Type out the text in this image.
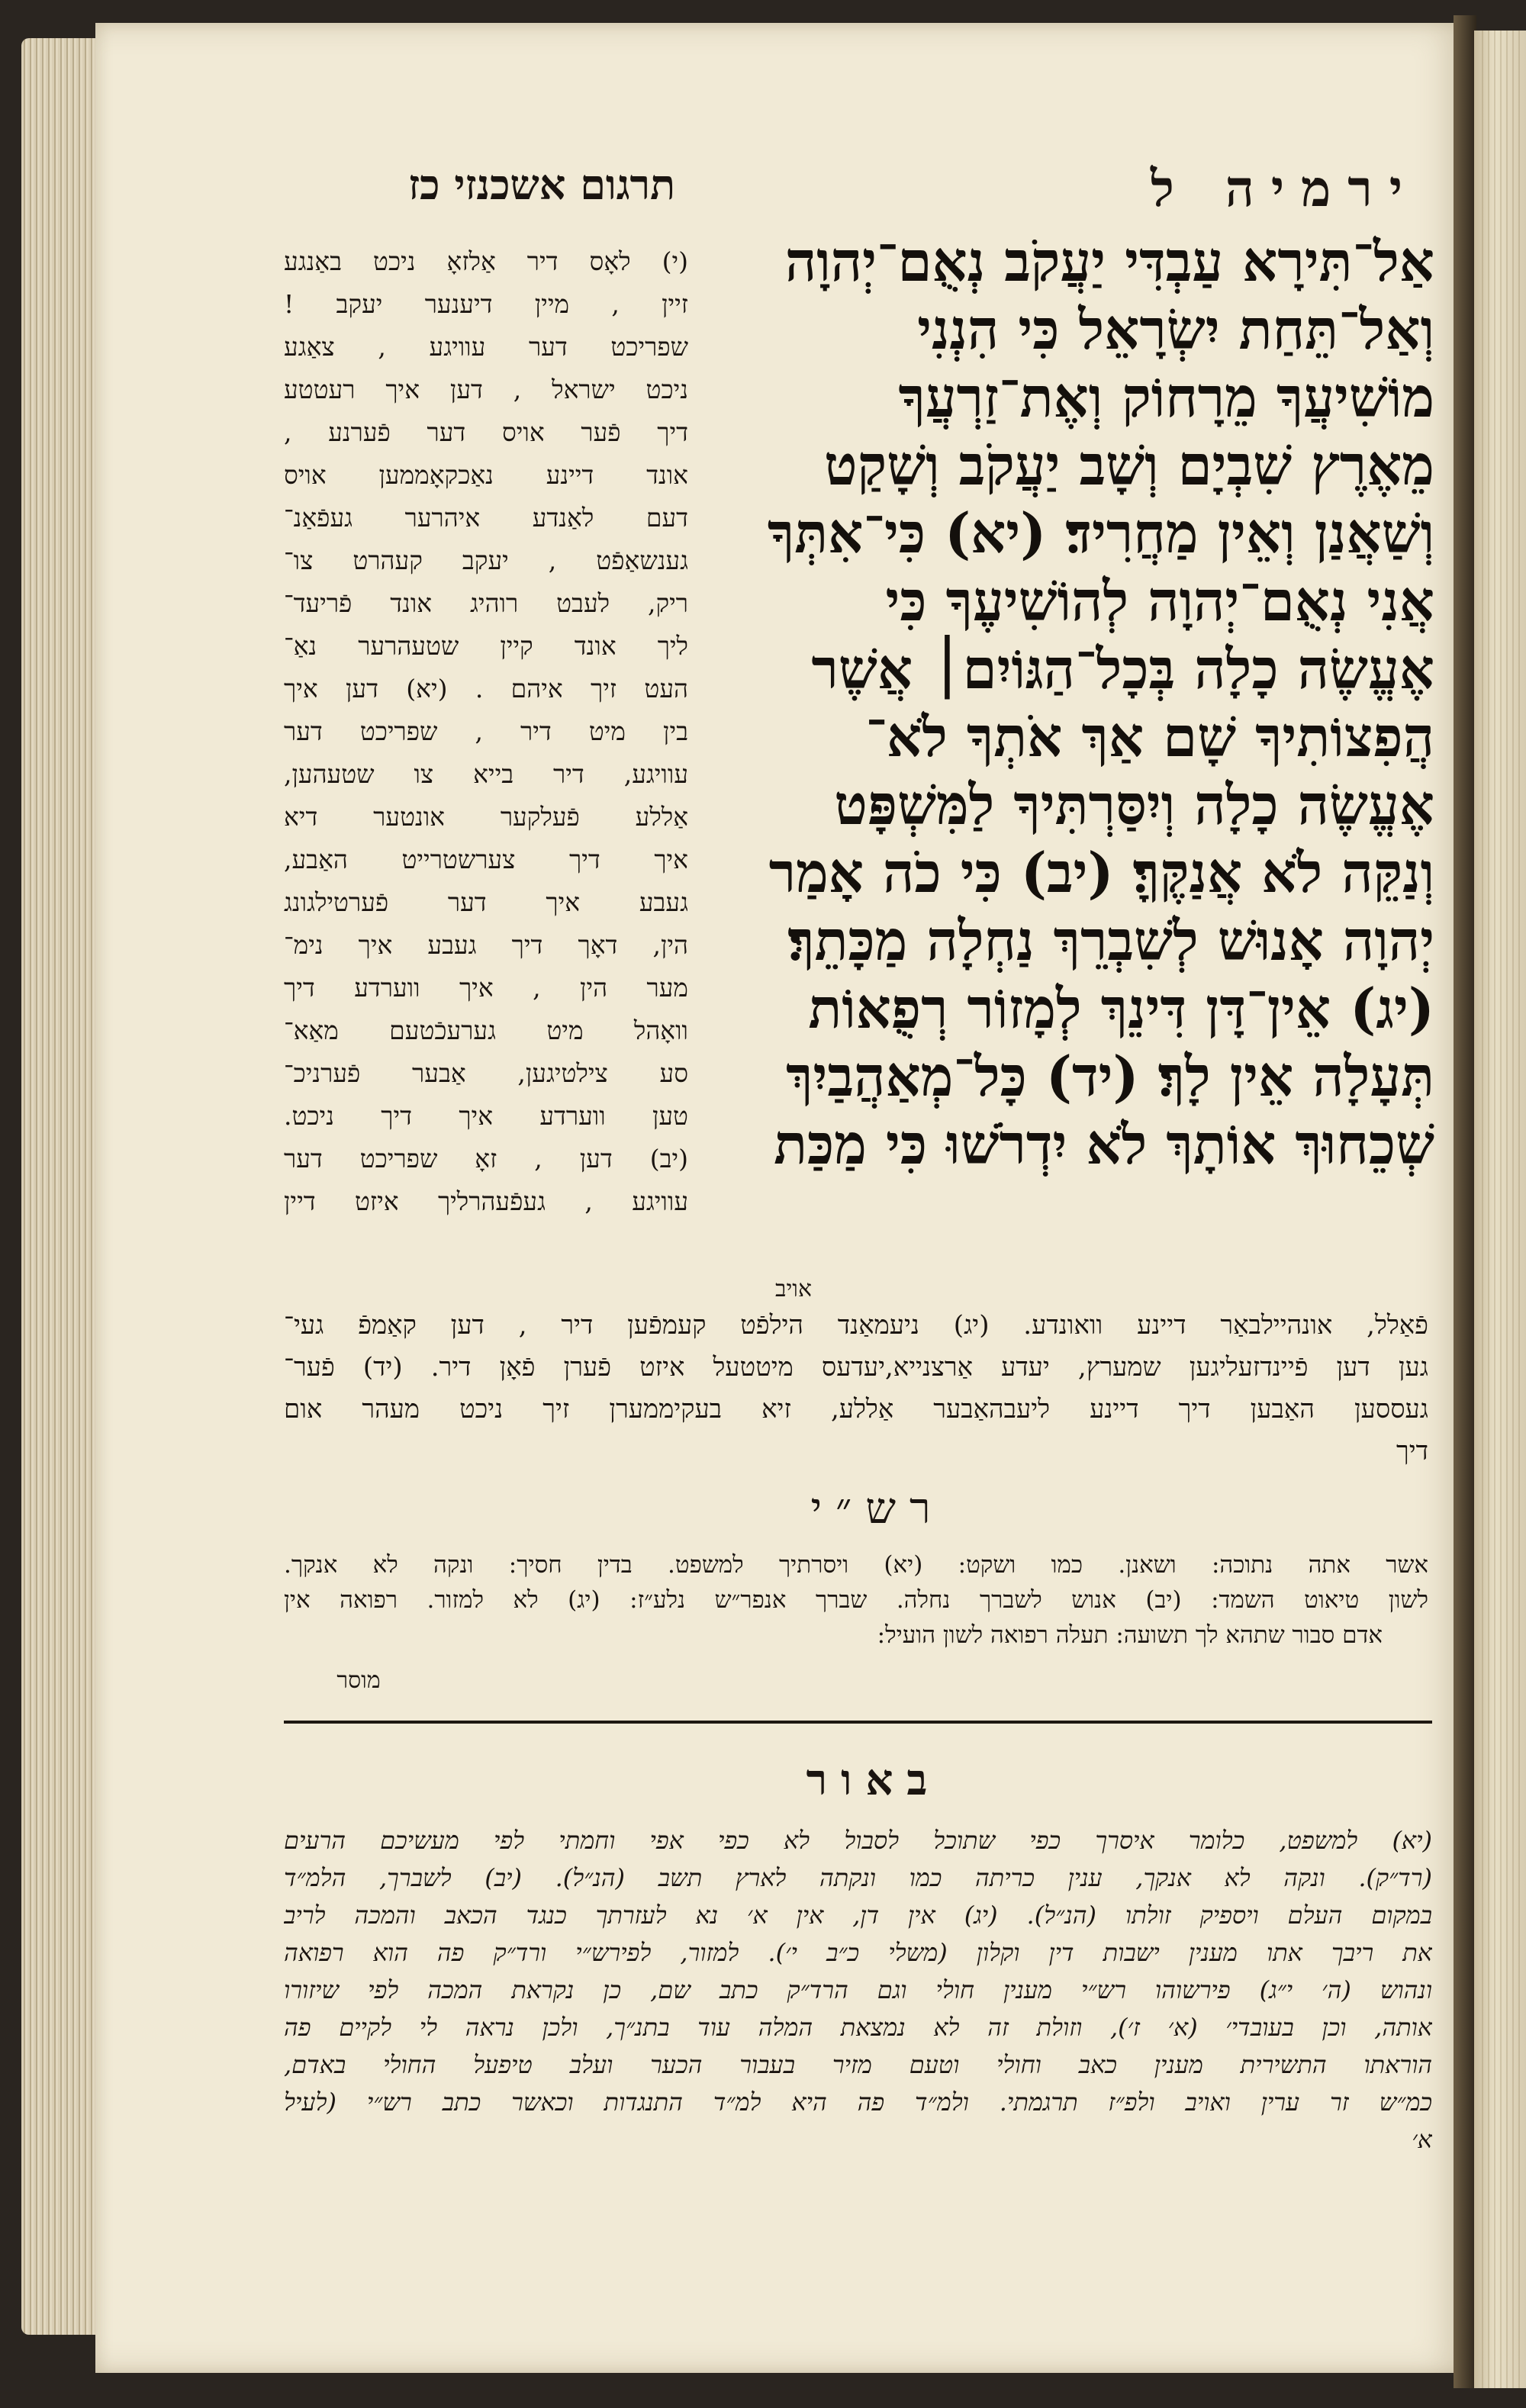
ירמיה ל
תרגום אשכנזי כז
אַל־תִּירָא עַבְדִּי יַעֲקֹב נְאֻם־יְהוָה
וְאַל־תֵּחַת יִשְׂרָאֵל כִּי הִנְנִי
מוֹשִׁיעֲךָ מֵרָחוֹק וְאֶת־זַרְעֲךָ
מֵאֶרֶץ שִׁבְיָם וְשָׁב יַעֲקֹב וְשָׁקַט
וְשַׁאֲנַן וְאֵין מַחֲרִיד׃ (יא) כִּי־אִתְּךָ
אֲנִי נְאֻם־יְהוָה לְהוֹשִׁיעֶךָ כִּי
אֶעֱשֶׂה כָלָה בְּכָל־הַגּוֹיִם׀ אֲשֶׁר
הֲפִצוֹתִיךָ שָׁם אַךְ אֹתְךָ לֹא־
אֶעֱשֶׂה כָלָה וְיִסַּרְתִּיךָ לַמִּשְׁפָּט
וְנַקֵּה לֹא אֲנַקֶּךָּ׃ (יב) כִּי כֹה אָמַר
יְהוָה אָנוּשׁ לְשִׁבְרֵךְ נַחְלָה מַכָּתֵךְ׃
(יג) אֵין־דָּן דִּינֵךְ לְמָזוֹר רְפֻאוֹת
תְּעָלָה אֵין לָךְ׃ (יד) כָּל־מְאַהֲבַיִךְ
שְׁכֵחוּךְ אוֹתָךְ לֹא יִדְרֹשׁוּ כִּי מַכַּת
(י) לאָס דיר אַלזאָ ניכט באַנגע
זיין , מיין דיענער יעקב !
שפריכט דער עוויגע , צאַגע
ניכט ישראל , דען איך רעטטע
דיך פֿער אויס דער פֿערנע ,
אונד דיינע נאַכקאָממען אויס
דעם לאַנדע איהרער געפֿאַנ־
גענשאַפֿט , יעקב קעהרט צו־
ריק, לעבט רוהיג אונד פֿריעד־
ליך אונד קיין שטעהרער נאַ־
העט זיך איהם . (יא) דען איך
בין מיט דיר , שפריכט דער
עוויגע, דיר בייא צו שטעהען,
אַללע פֿעלקער אונטער דיא
איך דיך צערשטרייט האַבע,
געבע איך דער פֿערטילגונג
הין, דאָך דיך געבע איך נימ־
מער הין , איך ווערדע דיך
וואָהל מיט גערעכֿטעם מאַא־
סע צילטיגען, אַבער פֿערניכ־
טען ווערדע איך דיך ניכט.
(יב) דען , זאָ שפריכט דער
עוויגע , געפֿעהרליך איזט דיין
אויב
פֿאַלל, אונהיילבאַר דיינע וואונדע. (יג) ניעמאַנד הילפֿט קעמפֿען דיר , דען קאַמפֿ געי־
גען דען פֿיינדזעליגען שמערץ, יעדע אַרצנייא,יעדעס מיטטעל איזט פֿערן פֿאָן דיר. (יד) פֿער־
געססען האַבען דיך דיינע ליעבהאַבער אַללע, זיא בעקיממערן זיך ניכט מעהר אום
דיך
רש״י
אשר אתה נתוכה: ושאנן. כמו ושקט: (יא) ויסרתיך למשפט. בדין חסיך: ונקה לא אנקך.
לשון טיאוט השמד: (יב) אנוש לשברך נחלה. שברך אנפר״ש נלע״ז: (יג) לא למזור. רפואה אין
אדם סבור שתהא לך תשועה: תעלה רפואה לשון הועיל:
מוסר
באור
(יא) למשפט, כלומר איסרך כפי שתוכל לסבול לא כפי אפי וחמתי לפי מעשיכם הרעים
(רד״ק). ונקה לא אנקך, ענין כריתה כמו ונקתה לארץ תשב (הנ״ל). (יב) לשברך, הלמ״ד
במקום העלם ויספיק זולתו (הנ״ל). (יג) אין דן, אין א׳ נא לעזרתך כנגד הכאב והמכה לריב
את ריבך אתו מענין ישבות דין וקלון (משלי כ״ב י׳). למזור, לפירש״י ורד״ק פה הוא רפואה
ונהוש (ה׳ י״ג) פירשוהו רש״י מענין חולי וגם הרד״ק כתב שם, כן נקראת המכה לפי שיזורו
אותה, וכן בעובדי׳ (א׳ ז׳), וזולת זה לא נמצאת המלה עוד בתנ״ך, ולכן נראה לי לקיים פה
הוראתו התשירית מענין כאב וחולי וטעם מזיר בעבור הכער ועלב טיפעל החולי באדם,
כמ״ש זר ערין ואויב ולפ״ז תרגמתי. ולמ״ד פה היא למ״ד התנגדות וכאשר כתב רש״י (לעיל
א׳
